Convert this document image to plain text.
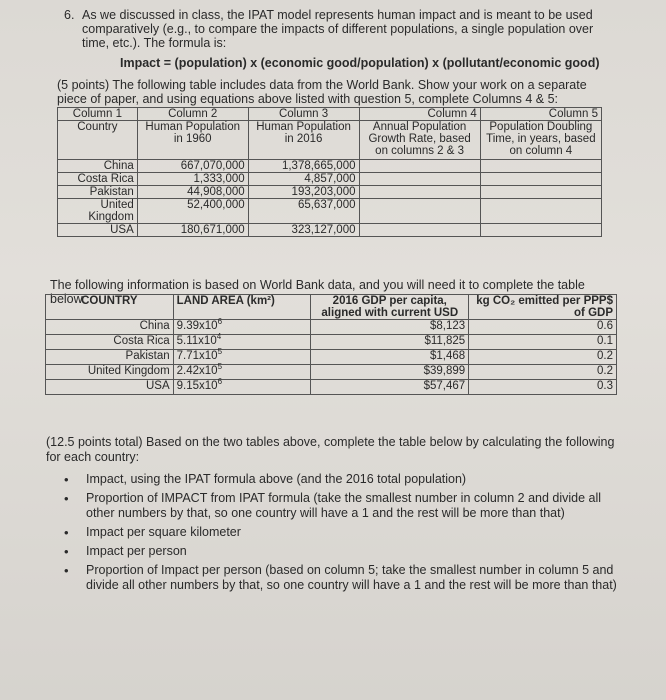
6. As we discussed in class, the IPAT model represents human impact and is meant to be used comparatively (e.g., to compare the impacts of different populations, a single population over time, etc.). The formula is:
Impact = (population) x (economic good/population) x (pollutant/economic good)
(5 points) The following table includes data from the World Bank. Show your work on a separate piece of paper, and using equations above listed with question 5, complete Columns 4 & 5:
Column 1	Column 2	Column 3	Column 4	Column 5
Country	Human Population in 1960	Human Population in 2016	Annual Population Growth Rate, based on columns 2 & 3	Population Doubling Time, in years, based on column 4
China	667,070,000	1,378,665,000		
Costa Rica	1,333,000	4,857,000		
Pakistan	44,908,000	193,203,000		
United Kingdom	52,400,000	65,637,000		
USA	180,671,000	323,127,000		
The following information is based on World Bank data, and you will need it to complete the table below.
COUNTRY	LAND AREA (km²)	2016 GDP per capita, aligned with current USD	kg CO₂ emitted per PPP$ of GDP
China	$9.39x10^6$	$8,123	0.6
Costa Rica	$5.11x10^4$	$11,825	0.1
Pakistan	$7.71x10^5$	$1,468	0.2
United Kingdom	$2.42x10^5$	$39,899	0.2
USA	$9.15x10^6$	$57,467	0.3
(12.5 points total) Based on the two tables above, complete the table below by calculating the following for each country:
• Impact, using the IPAT formula above (and the 2016 total population)
• Proportion of IMPACT from IPAT formula (take the smallest number in column 2 and divide all other numbers by that, so one country will have a 1 and the rest will be more than that)
• Impact per square kilometer
• Impact per person
• Proportion of Impact per person (based on column 5; take the smallest number in column 5 and divide all other numbers by that, so one country will have a 1 and the rest will be more than that)
